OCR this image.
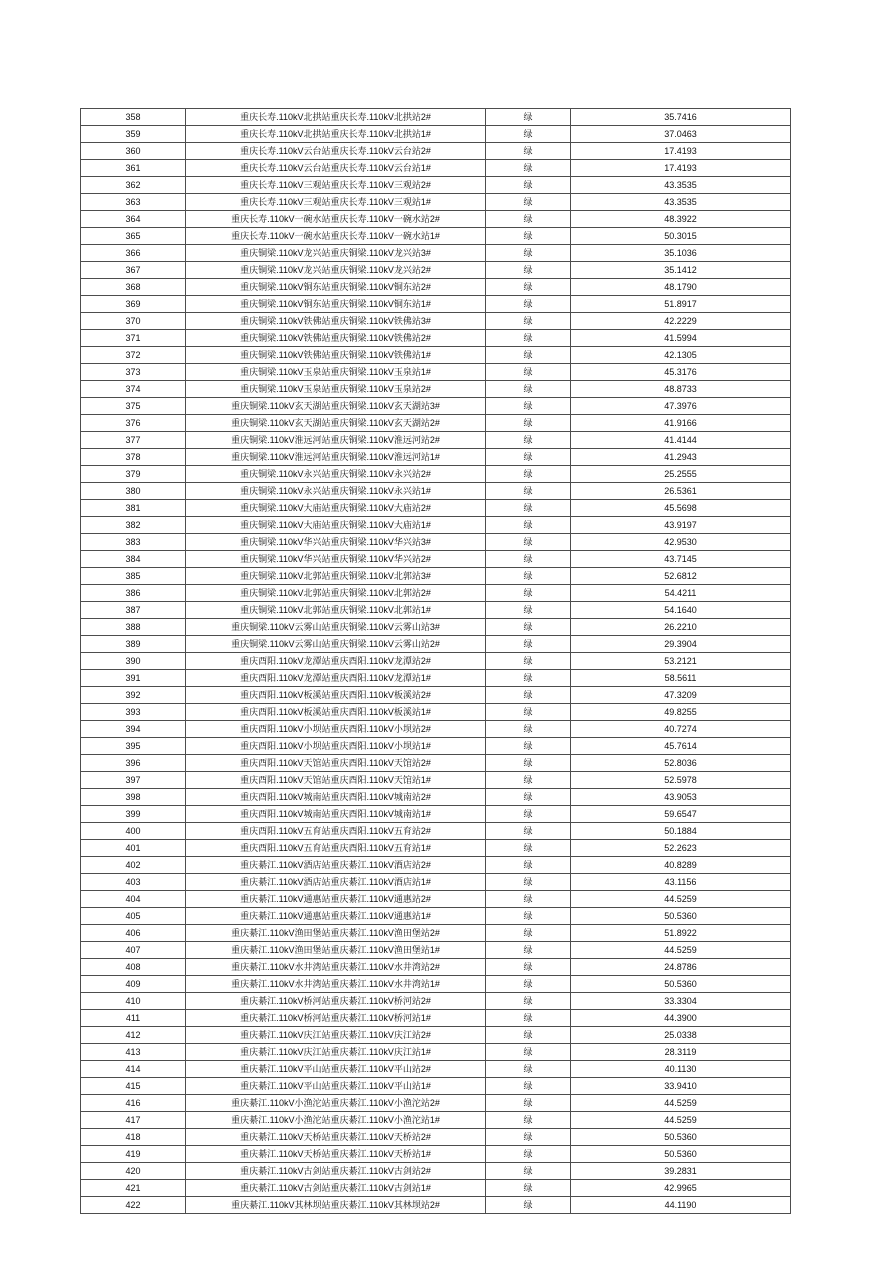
358	重庆长寿.110kV北拱站重庆长寿.110kV北拱站2#	绿	35.7416
359	重庆长寿.110kV北拱站重庆长寿.110kV北拱站1#	绿	37.0463
360	重庆长寿.110kV云台站重庆长寿.110kV云台站2#	绿	17.4193
361	重庆长寿.110kV云台站重庆长寿.110kV云台站1#	绿	17.4193
362	重庆长寿.110kV三观站重庆长寿.110kV三观站2#	绿	43.3535
363	重庆长寿.110kV三观站重庆长寿.110kV三观站1#	绿	43.3535
364	重庆长寿.110kV一碗水站重庆长寿.110kV一碗水站2#	绿	48.3922
365	重庆长寿.110kV一碗水站重庆长寿.110kV一碗水站1#	绿	50.3015
366	重庆铜梁.110kV龙兴站重庆铜梁.110kV龙兴站3#	绿	35.1036
367	重庆铜梁.110kV龙兴站重庆铜梁.110kV龙兴站2#	绿	35.1412
368	重庆铜梁.110kV铜东站重庆铜梁.110kV铜东站2#	绿	48.1790
369	重庆铜梁.110kV铜东站重庆铜梁.110kV铜东站1#	绿	51.8917
370	重庆铜梁.110kV铁佛站重庆铜梁.110kV铁佛站3#	绿	42.2229
371	重庆铜梁.110kV铁佛站重庆铜梁.110kV铁佛站2#	绿	41.5994
372	重庆铜梁.110kV铁佛站重庆铜梁.110kV铁佛站1#	绿	42.1305
373	重庆铜梁.110kV玉泉站重庆铜梁.110kV玉泉站1#	绿	45.3176
374	重庆铜梁.110kV玉泉站重庆铜梁.110kV玉泉站2#	绿	48.8733
375	重庆铜梁.110kV玄天湖站重庆铜梁.110kV玄天湖站3#	绿	47.3976
376	重庆铜梁.110kV玄天湖站重庆铜梁.110kV玄天湖站2#	绿	41.9166
377	重庆铜梁.110kV淮远河站重庆铜梁.110kV淮远河站2#	绿	41.4144
378	重庆铜梁.110kV淮远河站重庆铜梁.110kV淮远河站1#	绿	41.2943
379	重庆铜梁.110kV永兴站重庆铜梁.110kV永兴站2#	绿	25.2555
380	重庆铜梁.110kV永兴站重庆铜梁.110kV永兴站1#	绿	26.5361
381	重庆铜梁.110kV大庙站重庆铜梁.110kV大庙站2#	绿	45.5698
382	重庆铜梁.110kV大庙站重庆铜梁.110kV大庙站1#	绿	43.9197
383	重庆铜梁.110kV华兴站重庆铜梁.110kV华兴站3#	绿	42.9530
384	重庆铜梁.110kV华兴站重庆铜梁.110kV华兴站2#	绿	43.7145
385	重庆铜梁.110kV北郭站重庆铜梁.110kV北郭站3#	绿	52.6812
386	重庆铜梁.110kV北郭站重庆铜梁.110kV北郭站2#	绿	54.4211
387	重庆铜梁.110kV北郭站重庆铜梁.110kV北郭站1#	绿	54.1640
388	重庆铜梁.110kV云雾山站重庆铜梁.110kV云雾山站3#	绿	26.2210
389	重庆铜梁.110kV云雾山站重庆铜梁.110kV云雾山站2#	绿	29.3904
390	重庆酉阳.110kV龙潭站重庆酉阳.110kV龙潭站2#	绿	53.2121
391	重庆酉阳.110kV龙潭站重庆酉阳.110kV龙潭站1#	绿	58.5611
392	重庆酉阳.110kV板溪站重庆酉阳.110kV板溪站2#	绿	47.3209
393	重庆酉阳.110kV板溪站重庆酉阳.110kV板溪站1#	绿	49.8255
394	重庆酉阳.110kV小坝站重庆酉阳.110kV小坝站2#	绿	40.7274
395	重庆酉阳.110kV小坝站重庆酉阳.110kV小坝站1#	绿	45.7614
396	重庆酉阳.110kV天馆站重庆酉阳.110kV天馆站2#	绿	52.8036
397	重庆酉阳.110kV天馆站重庆酉阳.110kV天馆站1#	绿	52.5978
398	重庆酉阳.110kV城南站重庆酉阳.110kV城南站2#	绿	43.9053
399	重庆酉阳.110kV城南站重庆酉阳.110kV城南站1#	绿	59.6547
400	重庆酉阳.110kV五育站重庆酉阳.110kV五育站2#	绿	50.1884
401	重庆酉阳.110kV五育站重庆酉阳.110kV五育站1#	绿	52.2623
402	重庆綦江.110kV酒店站重庆綦江.110kV酒店站2#	绿	40.8289
403	重庆綦江.110kV酒店站重庆綦江.110kV酒店站1#	绿	43.1156
404	重庆綦江.110kV通惠站重庆綦江.110kV通惠站2#	绿	44.5259
405	重庆綦江.110kV通惠站重庆綦江.110kV通惠站1#	绿	50.5360
406	重庆綦江.110kV渔田堡站重庆綦江.110kV渔田堡站2#	绿	51.8922
407	重庆綦江.110kV渔田堡站重庆綦江.110kV渔田堡站1#	绿	44.5259
408	重庆綦江.110kV水井湾站重庆綦江.110kV水井湾站2#	绿	24.8786
409	重庆綦江.110kV水井湾站重庆綦江.110kV水井湾站1#	绿	50.5360
410	重庆綦江.110kV桥河站重庆綦江.110kV桥河站2#	绿	33.3304
411	重庆綦江.110kV桥河站重庆綦江.110kV桥河站1#	绿	44.3900
412	重庆綦江.110kV庆江站重庆綦江.110kV庆江站2#	绿	25.0338
413	重庆綦江.110kV庆江站重庆綦江.110kV庆江站1#	绿	28.3119
414	重庆綦江.110kV平山站重庆綦江.110kV平山站2#	绿	40.1130
415	重庆綦江.110kV平山站重庆綦江.110kV平山站1#	绿	33.9410
416	重庆綦江.110kV小渔沱站重庆綦江.110kV小渔沱站2#	绿	44.5259
417	重庆綦江.110kV小渔沱站重庆綦江.110kV小渔沱站1#	绿	44.5259
418	重庆綦江.110kV天桥站重庆綦江.110kV天桥站2#	绿	50.5360
419	重庆綦江.110kV天桥站重庆綦江.110kV天桥站1#	绿	50.5360
420	重庆綦江.110kV古剑站重庆綦江.110kV古剑站2#	绿	39.2831
421	重庆綦江.110kV古剑站重庆綦江.110kV古剑站1#	绿	42.9965
422	重庆綦江.110kV其林坝站重庆綦江.110kV其林坝站2#	绿	44.1190
